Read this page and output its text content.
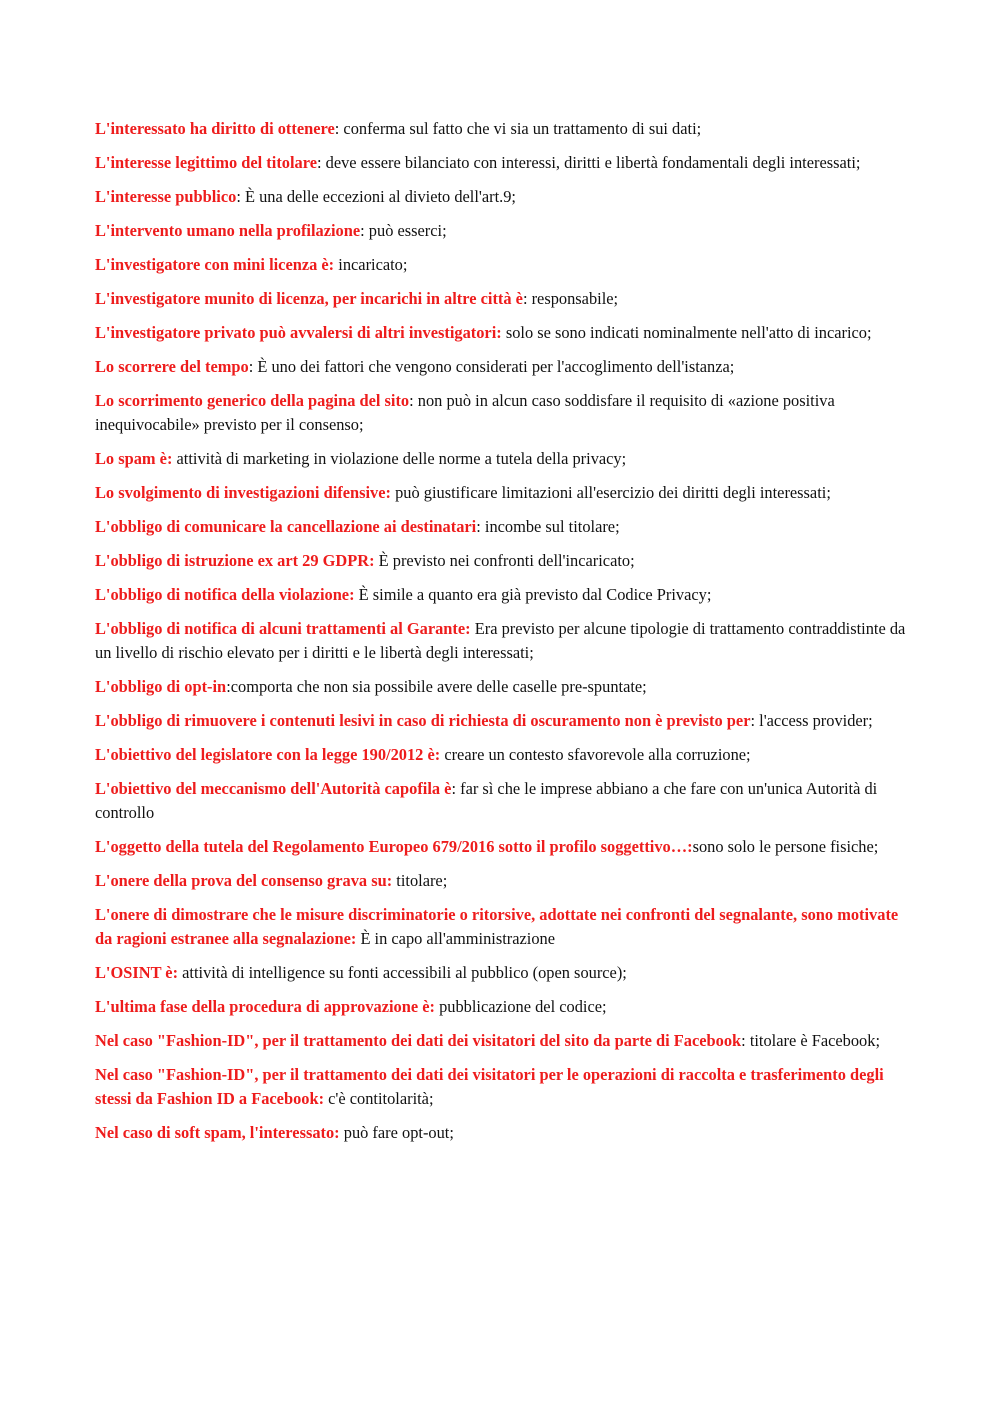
L'interessato ha diritto di ottenere: conferma sul fatto che vi sia un trattamento di sui dati;

L'interesse legittimo del titolare: deve essere bilanciato con interessi, diritti e libertà fondamentali degli interessati;

L'interesse pubblico: È una delle eccezioni al divieto dell'art.9;

L'intervento umano nella profilazione: può esserci;

L'investigatore con mini licenza è: incaricato;

L'investigatore munito di licenza, per incarichi in altre città è: responsabile;

L'investigatore privato può avvalersi di altri investigatori: solo se sono indicati nominalmente nell'atto di incarico;

Lo scorrere del tempo: È uno dei fattori che vengono considerati per l'accoglimento dell'istanza;

Lo scorrimento generico della pagina del sito: non può in alcun caso soddisfare il requisito di «azione positiva inequivocabile» previsto per il consenso;

Lo spam è: attività di marketing in violazione delle norme a tutela della privacy;

Lo svolgimento di investigazioni difensive: può giustificare limitazioni all'esercizio dei diritti degli interessati;

L'obbligo di comunicare la cancellazione ai destinatari: incombe sul titolare;

L'obbligo di istruzione ex art 29 GDPR: È previsto nei confronti dell'incaricato;

L'obbligo di notifica della violazione: È simile a quanto era già previsto dal Codice Privacy;

L'obbligo di notifica di alcuni trattamenti al Garante: Era previsto per alcune tipologie di trattamento contraddistinte da un livello di rischio elevato per i diritti e le libertà degli interessati;

L'obbligo di opt-in:comporta che non sia possibile avere delle caselle pre-spuntate;

L'obbligo di rimuovere i contenuti lesivi in caso di richiesta di oscuramento non è previsto per: l'access provider;

L'obiettivo del legislatore con la legge 190/2012 è: creare un contesto sfavorevole alla corruzione;

L'obiettivo del meccanismo dell'Autorità capofila è: far sì che le imprese abbiano a che fare con un'unica Autorità di controllo

L'oggetto della tutela del Regolamento Europeo 679/2016 sotto il profilo soggettivo…:sono solo le persone fisiche;

L'onere della prova del consenso grava su: titolare;

L'onere di dimostrare che le misure discriminatorie o ritorsive, adottate nei confronti del segnalante, sono motivate da ragioni estranee alla segnalazione: È in capo all'amministrazione

L'OSINT è: attività di intelligence su fonti accessibili al pubblico (open source);

L'ultima fase della procedura di approvazione è: pubblicazione del codice;

Nel caso "Fashion-ID", per il trattamento dei dati dei visitatori del sito da parte di Facebook: titolare è Facebook;

Nel caso "Fashion-ID", per il trattamento dei dati dei visitatori per le operazioni di raccolta e trasferimento degli stessi da Fashion ID a Facebook: c'è contitolarità;

Nel caso di soft spam, l'interessato: può fare opt-out;
